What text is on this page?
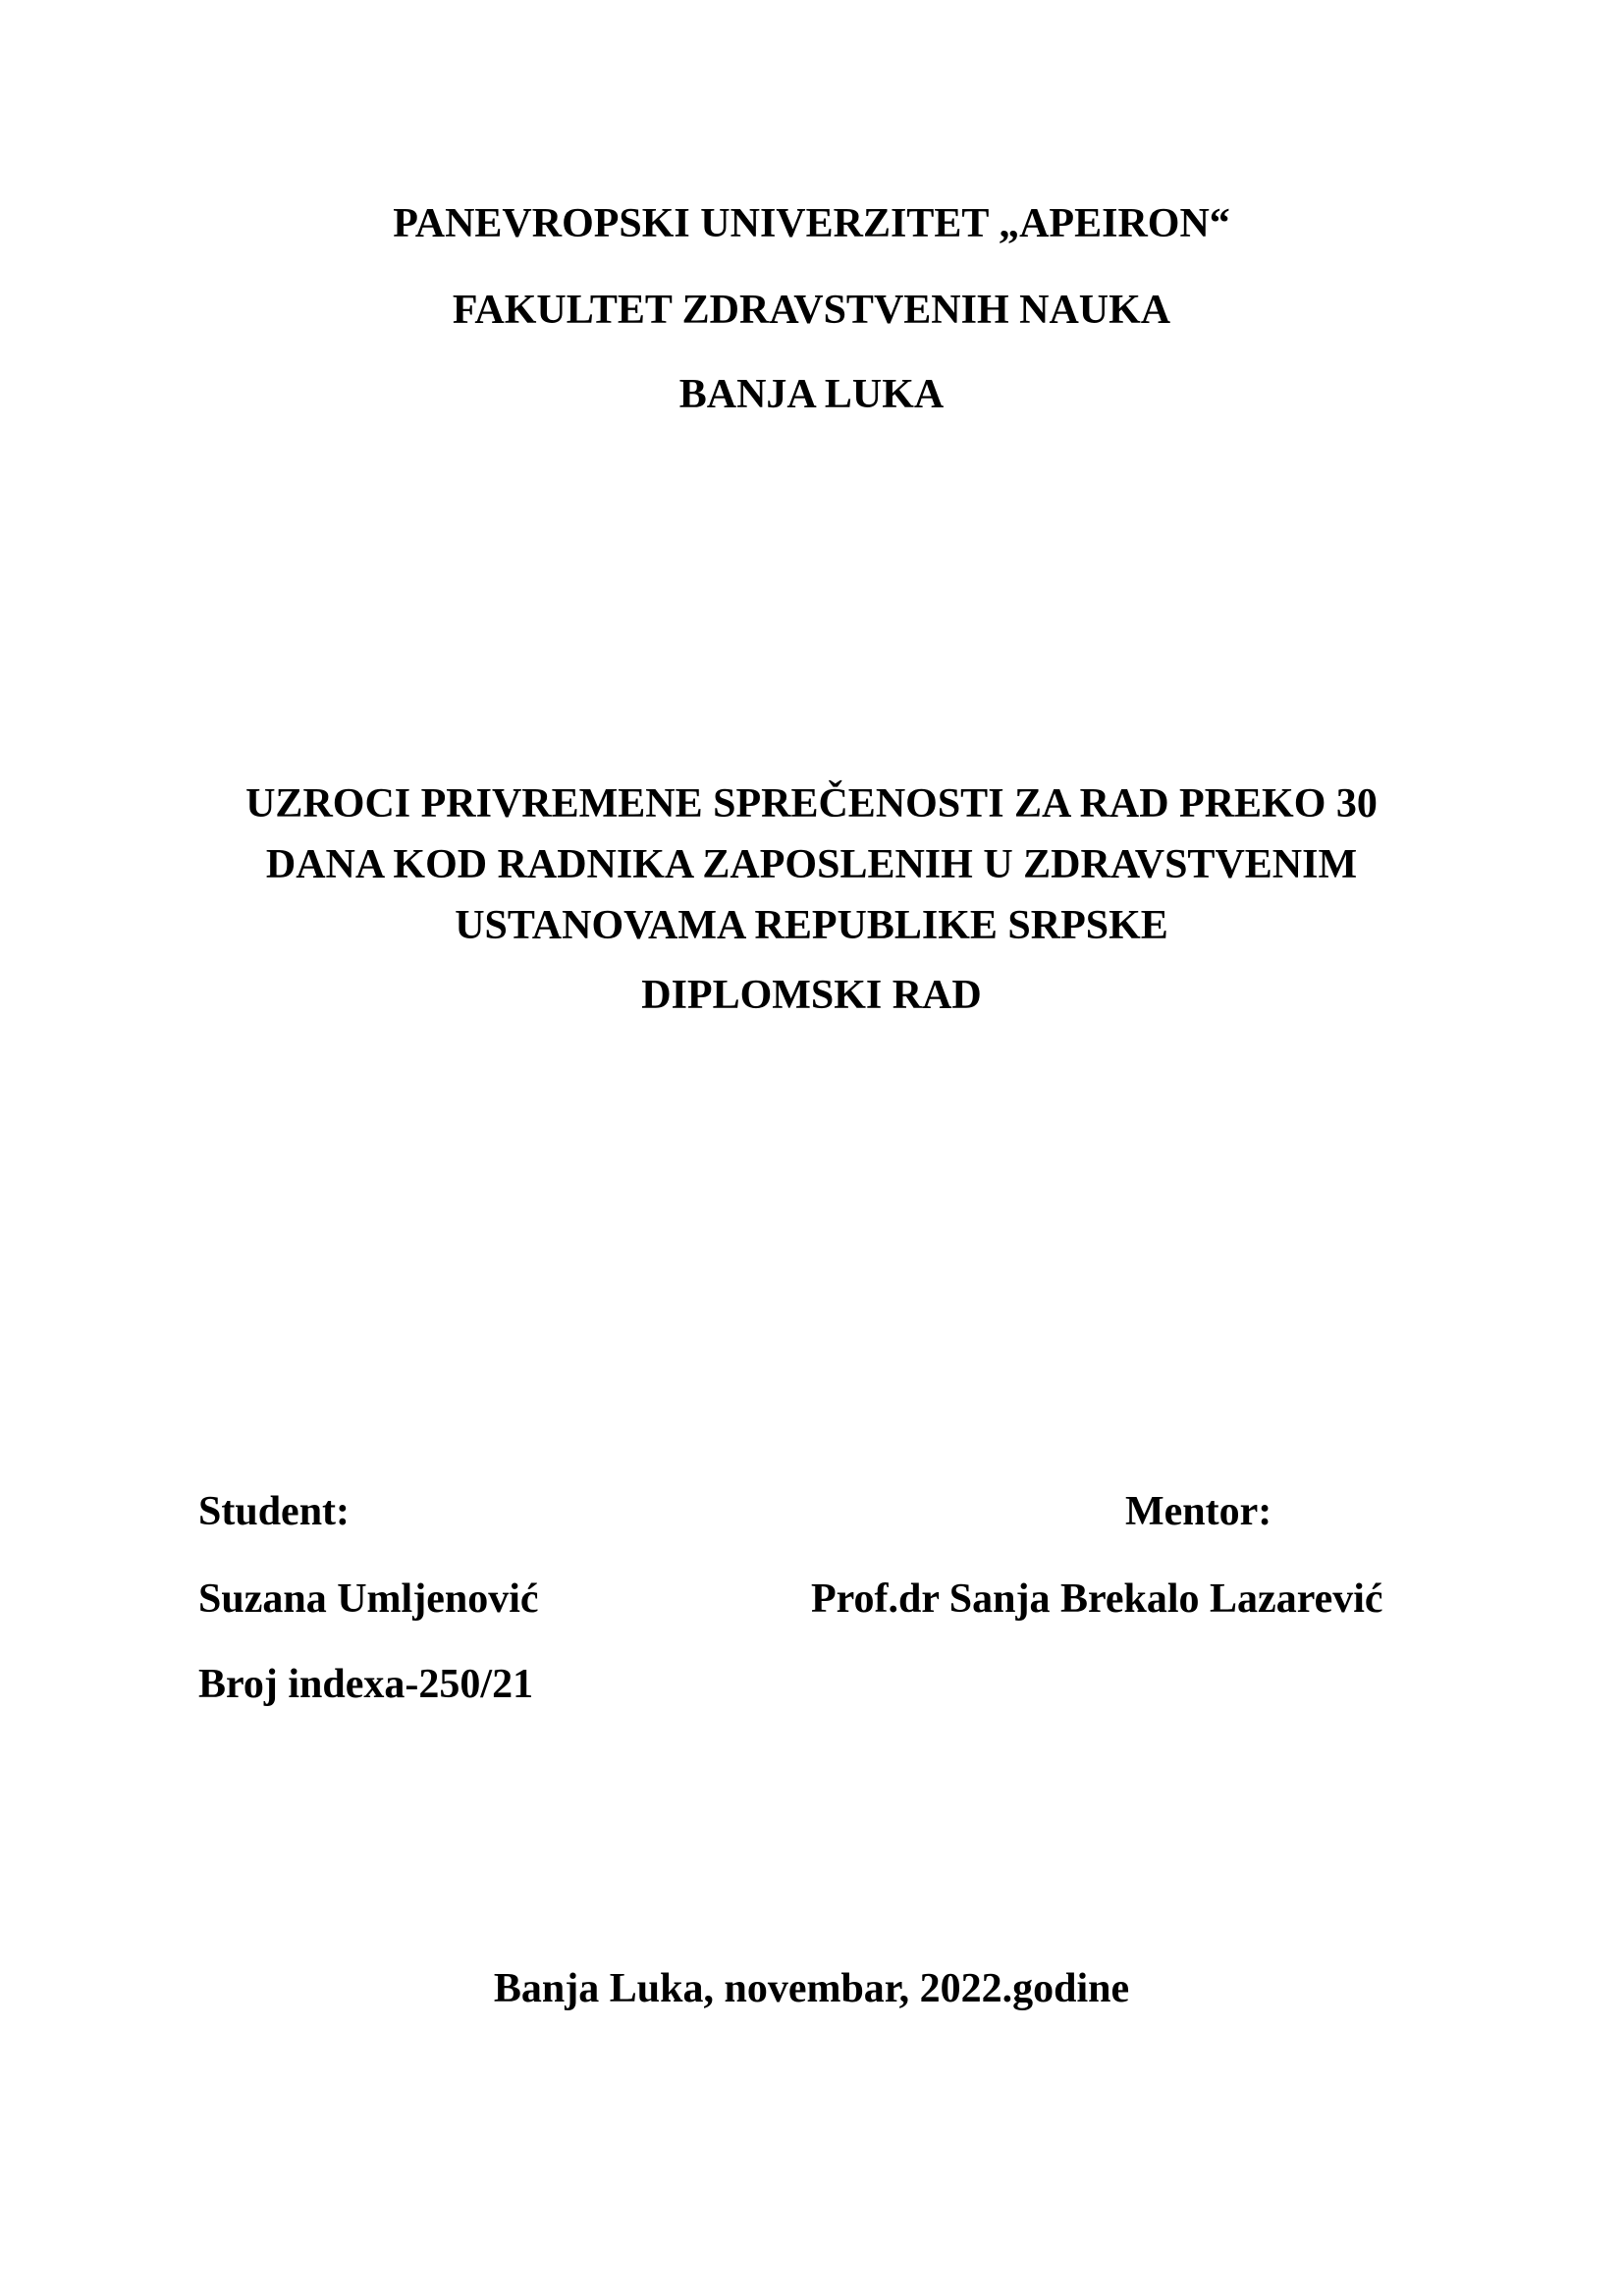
PANEVROPSKI UNIVERZITET „APEIRON“
FAKULTET ZDRAVSTVENIH NAUKA
BANJA LUKA
UZROCI PRIVREMENE SPREČENOSTI ZA RAD PREKO 30
DANA KOD RADNIKA ZAPOSLENIH U ZDRAVSTVENIM
USTANOVAMA REPUBLIKE SRPSKE
DIPLOMSKI RAD
Student:	Mentor:
Suzana Umljenović	Prof.dr Sanja Brekalo Lazarević
Broj indexa-250/21
Banja Luka, novembar, 2022.godine
